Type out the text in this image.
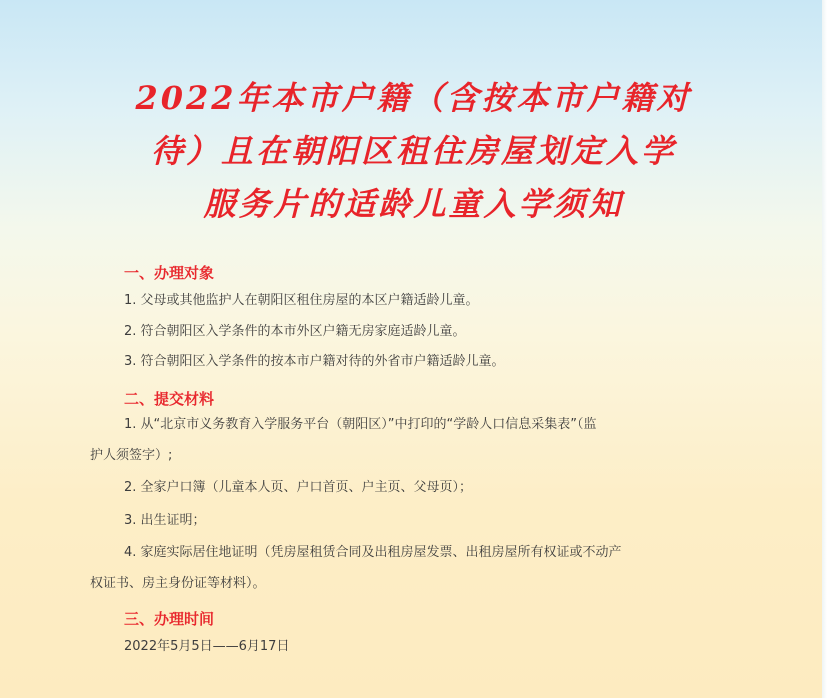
2022年本市户籍（含按本市户籍对
待）且在朝阳区租住房屋划定入学
服务片的适龄儿童入学须知
一、办理对象
1. 父母或其他监护人在朝阳区租住房屋的本区户籍适龄儿童。
2. 符合朝阳区入学条件的本市外区户籍无房家庭适龄儿童。
3. 符合朝阳区入学条件的按本市户籍对待的外省市户籍适龄儿童。
二、提交材料
1. 从“北京市义务教育入学服务平台（朝阳区）”中打印的“学龄人口信息采集表”（监
护人须签字）;
2. 全家户口簿（儿童本人页、户口首页、户主页、父母页）；
3. 出生证明；
4. 家庭实际居住地证明（凭房屋租赁合同及出租房屋发票、出租房屋所有权证或不动产
权证书、房主身份证等材料）。
三、办理时间
2022年5月5日——6月17日
